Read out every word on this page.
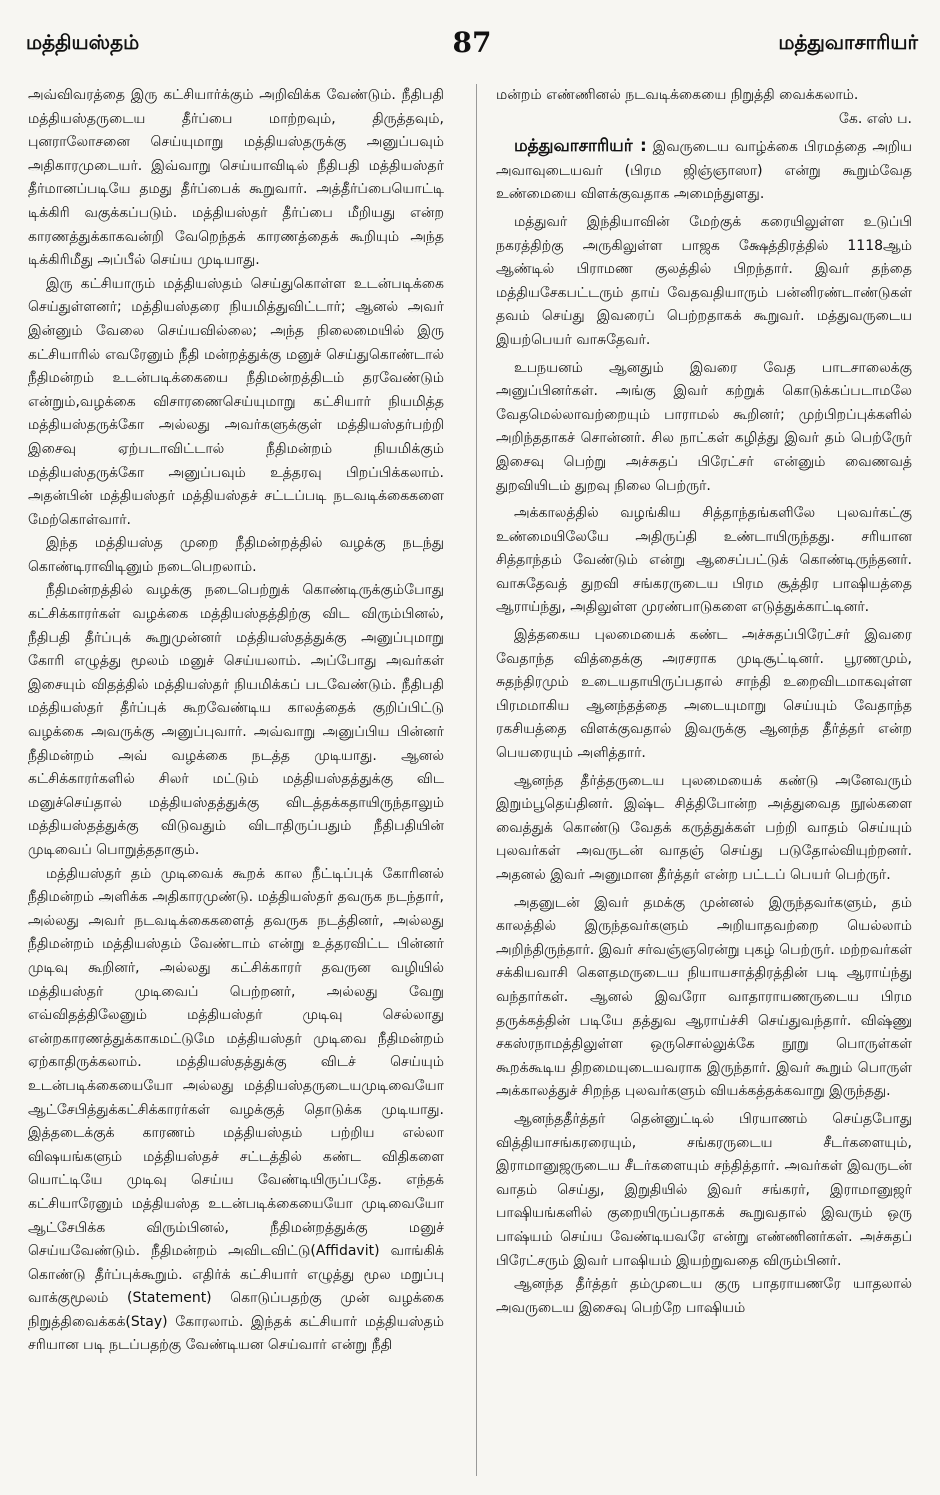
மத்தியஸ்தம்	87	மத்துவாசாரியர்

அவ்விவரத்தை இரு கட்சியார்க்கும் அறிவிக்க வேண்டும். நீதிபதி மத்தியஸ்தருடைய தீர்ப்பை மாற்றவும், திருத்தவும், புனராலோசனை செய்யுமாறு மத்தியஸ்தருக்கு அனுப்பவும் அதிகாரமுடையர். இவ்வாறு செய்யாவிடில் நீதிபதி மத்தியஸ்தர் தீர்மானப்படியே தமது தீர்ப்பைக் கூறுவார். அத்தீர்ப்பையொட்டி டிக்கிரி வகுக்கப்படும். மத்தியஸ்தர் தீர்ப்பை மீறியது என்ற காரணத்துக்காகவன்றி வேறெந்தக் காரணத்தைக் கூறியும் அந்த டிக்கிரிமீது அப்பீல் செய்ய முடியாது.

இரு கட்சியாரும் மத்தியஸ்தம் செய்துகொள்ள உடன்படிக்கை செய்துள்ளனர்; மத்தியஸ்தரை நியமித்துவிட்டார்; ஆனல் அவர் இன்னும் வேலை செய்யவில்லை; அந்த நிலைமையில் இரு கட்சியாரில் எவரேனும் நீதி மன்றத்துக்கு மனுச் செய்துகொண்டால் நீதிமன்றம் உடன்படிக்கையை நீதிமன்றத்திடம் தரவேண்டும் என்றும்,வழக்கை விசாரணைசெய்யுமாறு கட்சியார் நியமித்த மத்தியஸ்தருக்கோ அல்லது அவர்களுக்குள் மத்தியஸ்தர்பற்றி இசைவு ஏற்படாவிட்டால் நீதிமன்றம் நியமிக்கும் மத்தியஸ்தருக்கோ அனுப்பவும் உத்தரவு பிறப்பிக்கலாம். அதன்பின் மத்தியஸ்தர் மத்தியஸ்தச் சட்டப்படி நடவடிக்கைகளை மேற்கொள்வார்.

இந்த மத்தியஸ்த முறை நீதிமன்றத்தில் வழக்கு நடந்து கொண்டிராவிடினும் நடைபெறலாம்.

நீதிமன்றத்தில் வழக்கு நடைபெற்றுக் கொண்டிருக்கும்போது கட்சிக்காரர்கள் வழக்கை மத்தியஸ்தத்திற்கு விட விரும்பினல், நீதிபதி தீர்ப்புக் கூறுமுன்னர் மத்தியஸ்தத்துக்கு அனுப்புமாறு கோரி எழுத்து மூலம் மனுச் செய்யலாம். அப்போது அவர்கள் இசையும் விதத்தில் மத்தியஸ்தர் நியமிக்கப் படவேண்டும். நீதிபதி மத்தியஸ்தர் தீர்ப்புக் கூறவேண்டிய காலத்தைக் குறிப்பிட்டு வழக்கை அவருக்கு அனுப்புவார். அவ்வாறு அனுப்பிய பின்னர் நீதிமன்றம் அவ் வழக்கை நடத்த முடியாது. ஆனல் கட்சிக்காரர்களில் சிலர் மட்டும் மத்தியஸ்தத்துக்கு விட மனுச்செய்தால் மத்தியஸ்தத்துக்கு விடத்தக்கதாயிருந்தாலும் மத்தியஸ்தத்துக்கு விடுவதும் விடாதிருப்பதும் நீதிபதியின் முடிவைப் பொறுத்ததாகும்.

மத்தியஸ்தர் தம் முடிவைக் கூறக் கால நீட்டிப்புக் கோரினல் நீதிமன்றம் அளிக்க அதிகாரமுண்டு. மத்தியஸ்தர் தவருக நடந்தார், அல்லது அவர் நடவடிக்கைகளைத் தவருக நடத்தினர், அல்லது நீதிமன்றம் மத்தியஸ்தம் வேண்டாம் என்று உத்தரவிட்ட பின்னர் முடிவு கூறினர், அல்லது கட்சிக்காரர் தவருன வழியில் மத்தியஸ்தர் முடிவைப் பெற்றனர், அல்லது வேறு எவ்விதத்திலேனும் மத்தியஸ்தர் முடிவு செல்லாது என்றகாரணத்துக்காகமட்டுமே மத்தியஸ்தர் முடிவை நீதிமன்றம் ஏற்காதிருக்கலாம். மத்தியஸ்தத்துக்கு விடச் செய்யும் உடன்படிக்கையையோ அல்லது மத்தியஸ்தருடையமுடிவையோ ஆட்சேபித்துக்கட்சிக்காரர்கள் வழக்குத் தொடுக்க முடியாது. இத்தடைக்குக் காரணம் மத்தியஸ்தம் பற்றிய எல்லா விஷயங்களும் மத்தியஸ்தச் சட்டத்தில் கண்ட விதிகளை யொட்டியே முடிவு செய்ய வேண்டியிருப்பதே. எந்தக் கட்சியாரேனும் மத்தியஸ்த உடன்படிக்கையையோ முடிவையோ ஆட்சேபிக்க விரும்பினல், நீதிமன்றத்துக்கு மனுச் செய்யவேண்டும். நீதிமன்றம் அவிடவிட்டு(Affidavit) வாங்கிக் கொண்டு தீர்ப்புக்கூறும். எதிர்க் கட்சியார் எழுத்து மூல மறுப்பு வாக்குமூலம் (Statement) கொடுப்பதற்கு முன் வழக்கை நிறுத்திவைக்கக்(Stay) கோரலாம். இந்தக் கட்சியார் மத்தியஸ்தம் சரியான படி நடப்பதற்கு வேண்டியன செய்வார் என்று நீதி

மன்றம் எண்ணினல் நடவடிக்கையை நிறுத்தி வைக்கலாம்.

கே. எஸ் ப.

மத்துவாசாரியர் : இவருடைய வாழ்க்கை பிரமத்தை அறிய அவாவுடையவர் (பிரம ஜிஞ்ஞாஸா) என்று கூறும்வேத உண்மையை விளக்குவதாக அமைந்துளது.

மத்துவர் இந்தியாவின் மேற்குக் கரையிலுள்ள உடுப்பி நகரத்திற்கு அருகிலுள்ள பாஜக க்ஷேத்திரத்தில் 1118ஆம் ஆண்டில் பிராமண குலத்தில் பிறந்தார். இவர் தந்தை மத்தியசேகபட்டரும் தாய் வேதவதியாரும் பன்னிரண்டாண்டுகள் தவம் செய்து இவரைப் பெற்றதாகக் கூறுவர். மத்துவருடைய இயற்பெயர் வாசுதேவர்.

உபநயனம் ஆனதும் இவரை வேத பாடசாலைக்கு அனுப்பினர்கள். அங்கு இவர் கற்றுக் கொடுக்கப்படாமலே வேதமெல்லாவற்றையும் பாராமல் கூறினர்; முற்பிறப்புக்களில் அறிந்ததாகச் சொன்னர். சில நாட்கள் கழித்து இவர் தம் பெற்ருேர் இசைவு பெற்று அச்சுதப் பிரேட்சர் என்னும் வைணவத் துறவியிடம் துறவு நிலை பெற்ருர்.

அக்காலத்தில் வழங்கிய சித்தாந்தங்களிலே புலவர்கட்கு உண்மையிலேயே அதிருப்தி உண்டாயிருந்தது. சரியான சித்தாந்தம் வேண்டும் என்று ஆசைப்பட்டுக் கொண்டிருந்தனர். வாசுதேவத் துறவி சங்கரருடைய பிரம சூத்திர பாஷியத்தை ஆராய்ந்து, அதிலுள்ள முரண்பாடுகளை எடுத்துக்காட்டினர்.

இத்தகைய புலமையைக் கண்ட அச்சுதப்பிரேட்சர் இவரை வேதாந்த வித்தைக்கு அரசராக முடிசூட்டினர். பூரணமும், சுதந்திரமும் உடையதாயிருப்பதால் சாந்தி உறைவிடமாகவுள்ள பிரமமாகிய ஆனந்தத்தை அடையுமாறு செய்யும் வேதாந்த ரகசியத்தை விளக்குவதால் இவருக்கு ஆனந்த தீர்த்தர் என்ற பெயரையும் அளித்தார்.

ஆனந்த தீர்த்தருடைய புலமையைக் கண்டு அனேவரும் இறும்பூதெய்தினர். இஷ்ட சித்திபோன்ற அத்துவைத நூல்களை வைத்துக் கொண்டு வேதக் கருத்துக்கள் பற்றி வாதம் செய்யும் புலவர்கள் அவருடன் வாதஞ் செய்து படுதோல்வியுற்றனர். அதனல் இவர் அனுமான தீர்த்தர் என்ற பட்டப் பெயர் பெற்ருர்.

அதனுடன் இவர் தமக்கு முன்னல் இருந்தவர்களும், தம் காலத்தில் இருந்தவர்களும் அறியாதவற்றை யெல்லாம் அறிந்திருந்தார். இவர் சர்வஞ்ஞரென்று புகழ் பெற்ருர். மற்றவர்கள் சக்கியவாசி கௌதமருடைய நியாயசாத்திரத்தின் படி ஆராய்ந்து வந்தார்கள். ஆனல் இவரோ வாதாராயணருடைய பிரம தருக்கத்தின் படியே தத்துவ ஆராய்ச்சி செய்துவந்தார். விஷ்ணு சகஸ்ரநாமத்திலுள்ள ஒருசொல்லுக்கே நூறு பொருள்கள் கூறக்கூடிய திறமையுடையவராக இருந்தார். இவர் கூறும் பொருள் அக்காலத்துச் சிறந்த புலவர்களும் வியக்கத்தக்கவாறு இருந்தது.

ஆனந்ததீர்த்தர் தென்னுட்டில் பிரயாணம் செய்தபோது வித்தியாசங்கரரையும், சங்கரருடைய சீடர்களையும், இராமானுஜருடைய சீடர்களையும் சந்தித்தார். அவர்கள் இவருடன் வாதம் செய்து, இறுதியில் இவர் சங்கரர், இராமானுஜர் பாஷியங்களில் குறையிருப்பதாகக் கூறுவதால் இவரும் ஒரு பாஷ்யம் செய்ய வேண்டியவரே என்று எண்ணினர்கள். அச்சுதப் பிரேட்சரும் இவர் பாஷியம் இயற்றுவதை விரும்பினர்.

ஆனந்த தீர்த்தர் தம்முடைய குரு பாதராயணரே யாதலால் அவருடைய இசைவு பெற்றே பாஷியம்
